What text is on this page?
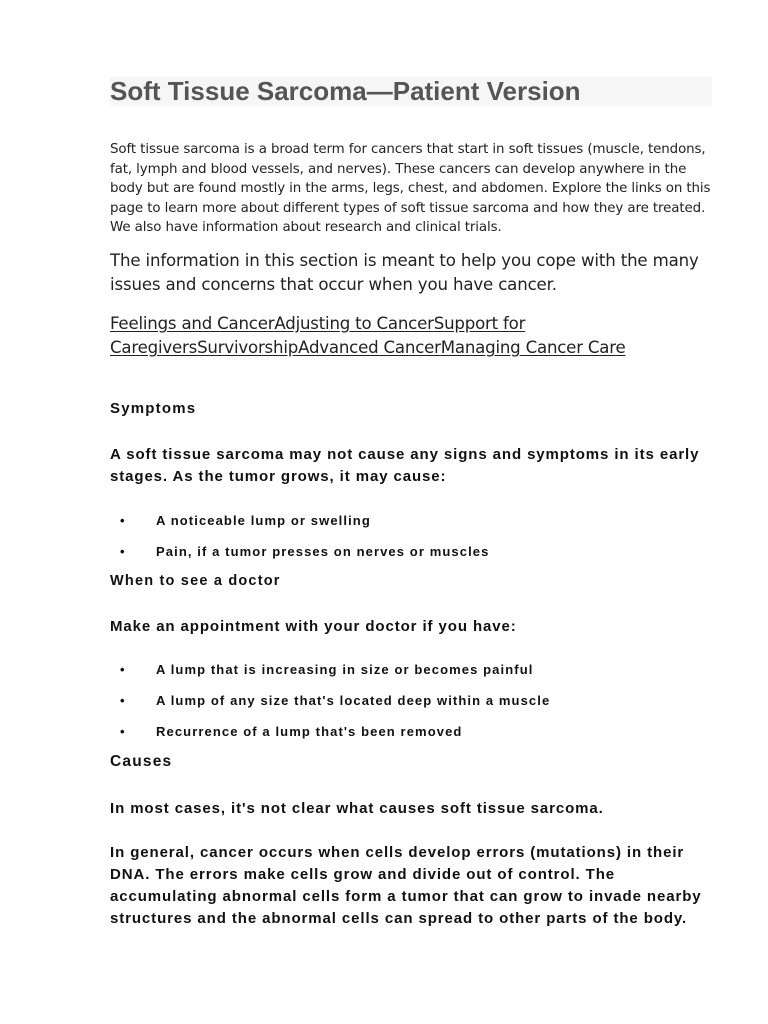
Soft Tissue Sarcoma—Patient Version

Soft tissue sarcoma is a broad term for cancers that start in soft tissues (muscle, tendons, fat, lymph and blood vessels, and nerves). These cancers can develop anywhere in the body but are found mostly in the arms, legs, chest, and abdomen. Explore the links on this page to learn more about different types of soft tissue sarcoma and how they are treated. We also have information about research and clinical trials.

The information in this section is meant to help you cope with the many issues and concerns that occur when you have cancer.

Feelings and CancerAdjusting to CancerSupport for CaregiversSurvivorshipAdvanced CancerManaging Cancer Care

Symptoms

A soft tissue sarcoma may not cause any signs and symptoms in its early stages. As the tumor grows, it may cause:

• A noticeable lump or swelling
• Pain, if a tumor presses on nerves or muscles
When to see a doctor

Make an appointment with your doctor if you have:

• A lump that is increasing in size or becomes painful
• A lump of any size that's located deep within a muscle
• Recurrence of a lump that's been removed
Causes

In most cases, it's not clear what causes soft tissue sarcoma.

In general, cancer occurs when cells develop errors (mutations) in their DNA. The errors make cells grow and divide out of control. The accumulating abnormal cells form a tumor that can grow to invade nearby structures and the abnormal cells can spread to other parts of the body.
